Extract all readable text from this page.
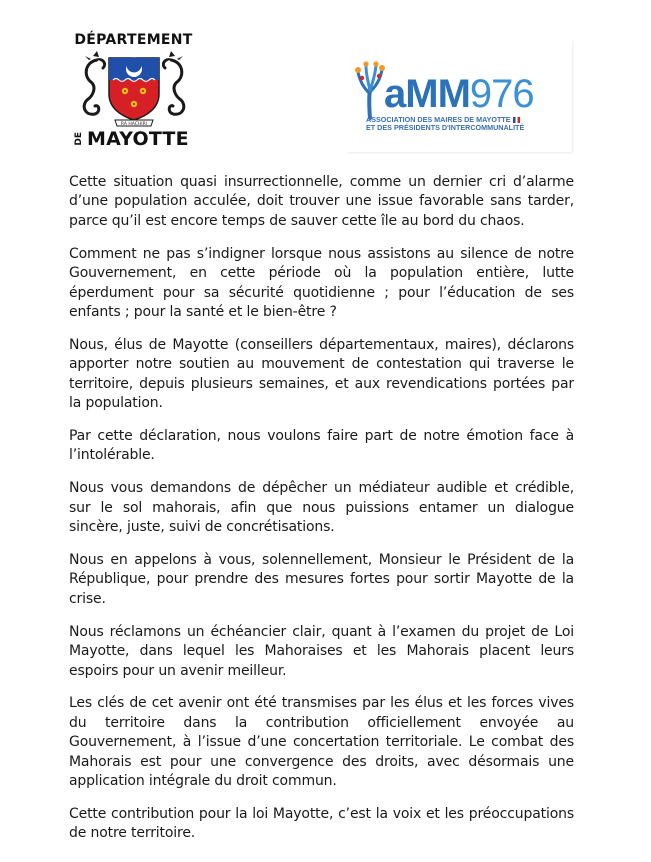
DÉPARTEMENT
RA HACHIRI
DE MAYOTTE
aMM976
ASSOCIATION DES MAIRES DE MAYOTTE
ET DES PRÉSIDENTS D'INTERCOMMUNALITÉ

Cette situation quasi insurrectionnelle, comme un dernier cri d’alarme d’une population acculée, doit trouver une issue favorable sans tarder, parce qu’il est encore temps de sauver cette île au bord du chaos.

Comment ne pas s’indigner lorsque nous assistons au silence de notre Gouvernement, en cette période où la population entière, lutte éperdument pour sa sécurité quotidienne ; pour l’éducation de ses enfants ; pour la santé et le bien-être ?

Nous, élus de Mayotte (conseillers départementaux, maires), déclarons apporter notre soutien au mouvement de contestation qui traverse le territoire, depuis plusieurs semaines, et aux revendications portées par la population.

Par cette déclaration, nous voulons faire part de notre émotion face à l’intolérable.

Nous vous demandons de dépêcher un médiateur audible et crédible, sur le sol mahorais, afin que nous puissions entamer un dialogue sincère, juste, suivi de concrétisations.

Nous en appelons à vous, solennellement, Monsieur le Président de la République, pour prendre des mesures fortes pour sortir Mayotte de la crise.

Nous réclamons un échéancier clair, quant à l’examen du projet de Loi Mayotte, dans lequel les Mahoraises et les Mahorais placent leurs espoirs pour un avenir meilleur.

Les clés de cet avenir ont été transmises par les élus et les forces vives du territoire dans la contribution officiellement envoyée au Gouvernement, à l’issue d’une concertation territoriale. Le combat des Mahorais est pour une convergence des droits, avec désormais une application intégrale du droit commun.

Cette contribution pour la loi Mayotte, c’est la voix et les préoccupations de notre territoire.
